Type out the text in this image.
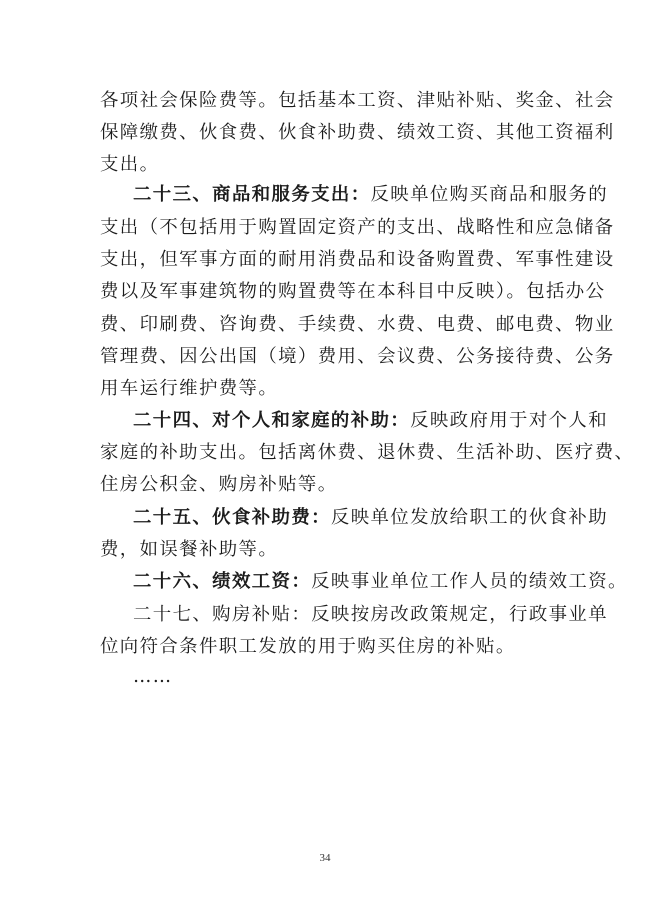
各项社会保险费等。包括基本工资、津贴补贴、奖金、社会
保障缴费、伙食费、伙食补助费、绩效工资、其他工资福利
支出。
二十三、商品和服务支出：反映单位购买商品和服务的
支出（不包括用于购置固定资产的支出、战略性和应急储备
支出，但军事方面的耐用消费品和设备购置费、军事性建设
费以及军事建筑物的购置费等在本科目中反映）。包括办公
费、印刷费、咨询费、手续费、水费、电费、邮电费、物业
管理费、因公出国（境）费用、会议费、公务接待费、公务
用车运行维护费等。
二十四、对个人和家庭的补助：反映政府用于对个人和
家庭的补助支出。包括离休费、退休费、生活补助、医疗费、
住房公积金、购房补贴等。
二十五、伙食补助费：反映单位发放给职工的伙食补助
费，如误餐补助等。
二十六、绩效工资：反映事业单位工作人员的绩效工资。
二十七、购房补贴：反映按房改政策规定，行政事业单
位向符合条件职工发放的用于购买住房的补贴。
……
34
